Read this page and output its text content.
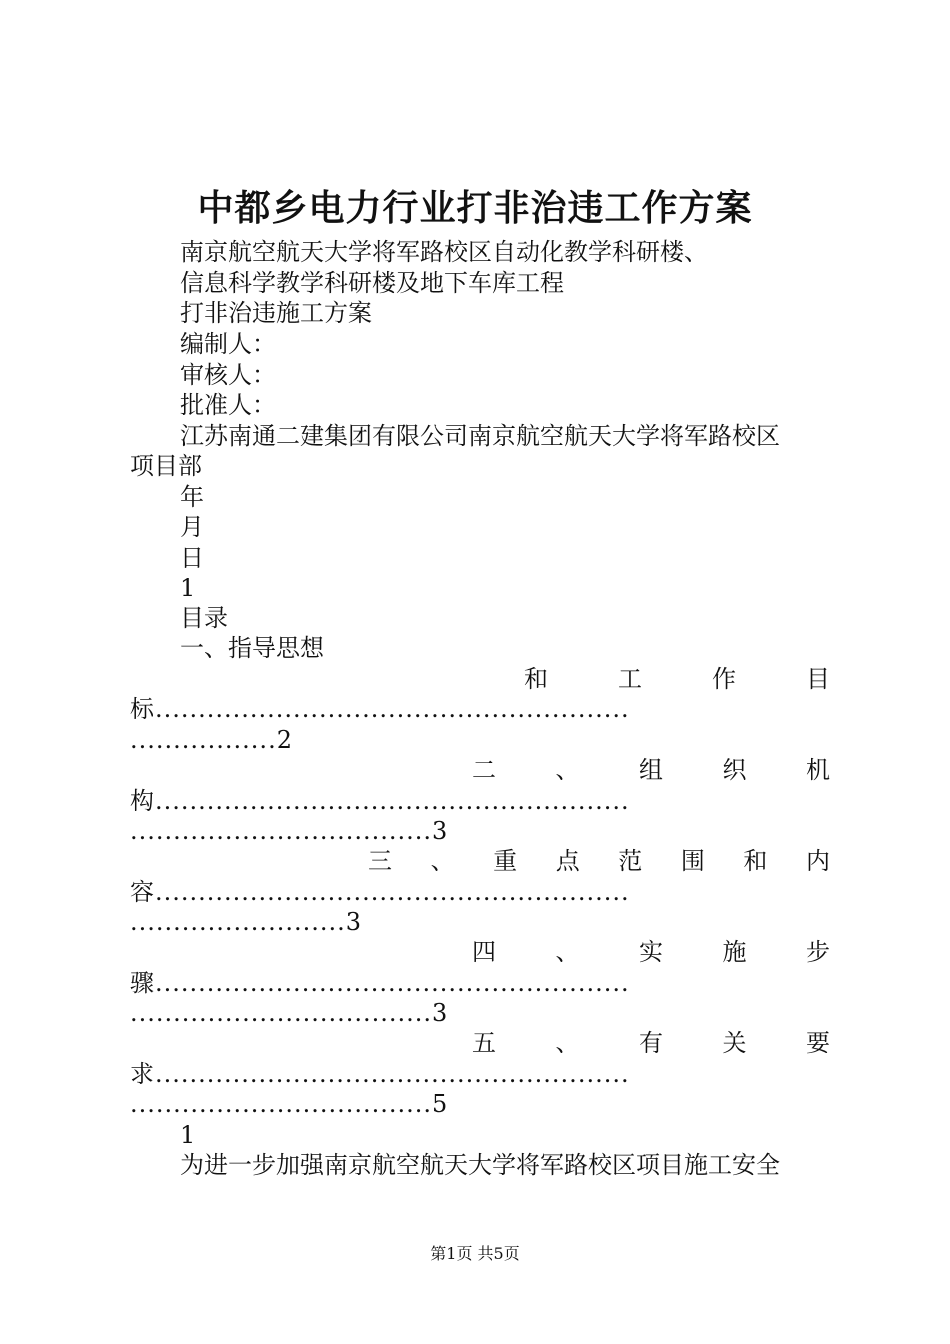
中都乡电力行业打非治违工作方案
南京航空航天大学将军路校区自动化教学科研楼、
信息科学教学科研楼及地下车库工程
打非治违施工方案
编制人：
审核人：
批准人：
江苏南通二建集团有限公司南京航空航天大学将军路校区
项目部
年
月
日
1
目录
一、指导思想
和	工	作	目
标.......................................................
.................2
二 、 组 织 机
构.......................................................
...................................3
三 、 重 点 范 围 和 内
容.......................................................
.........................3
四 、 实 施 步
骤.......................................................
...................................3
五 、 有 关 要
求.......................................................
...................................5
1
为进一步加强南京航空航天大学将军路校区项目施工安全
第1页 共5页
